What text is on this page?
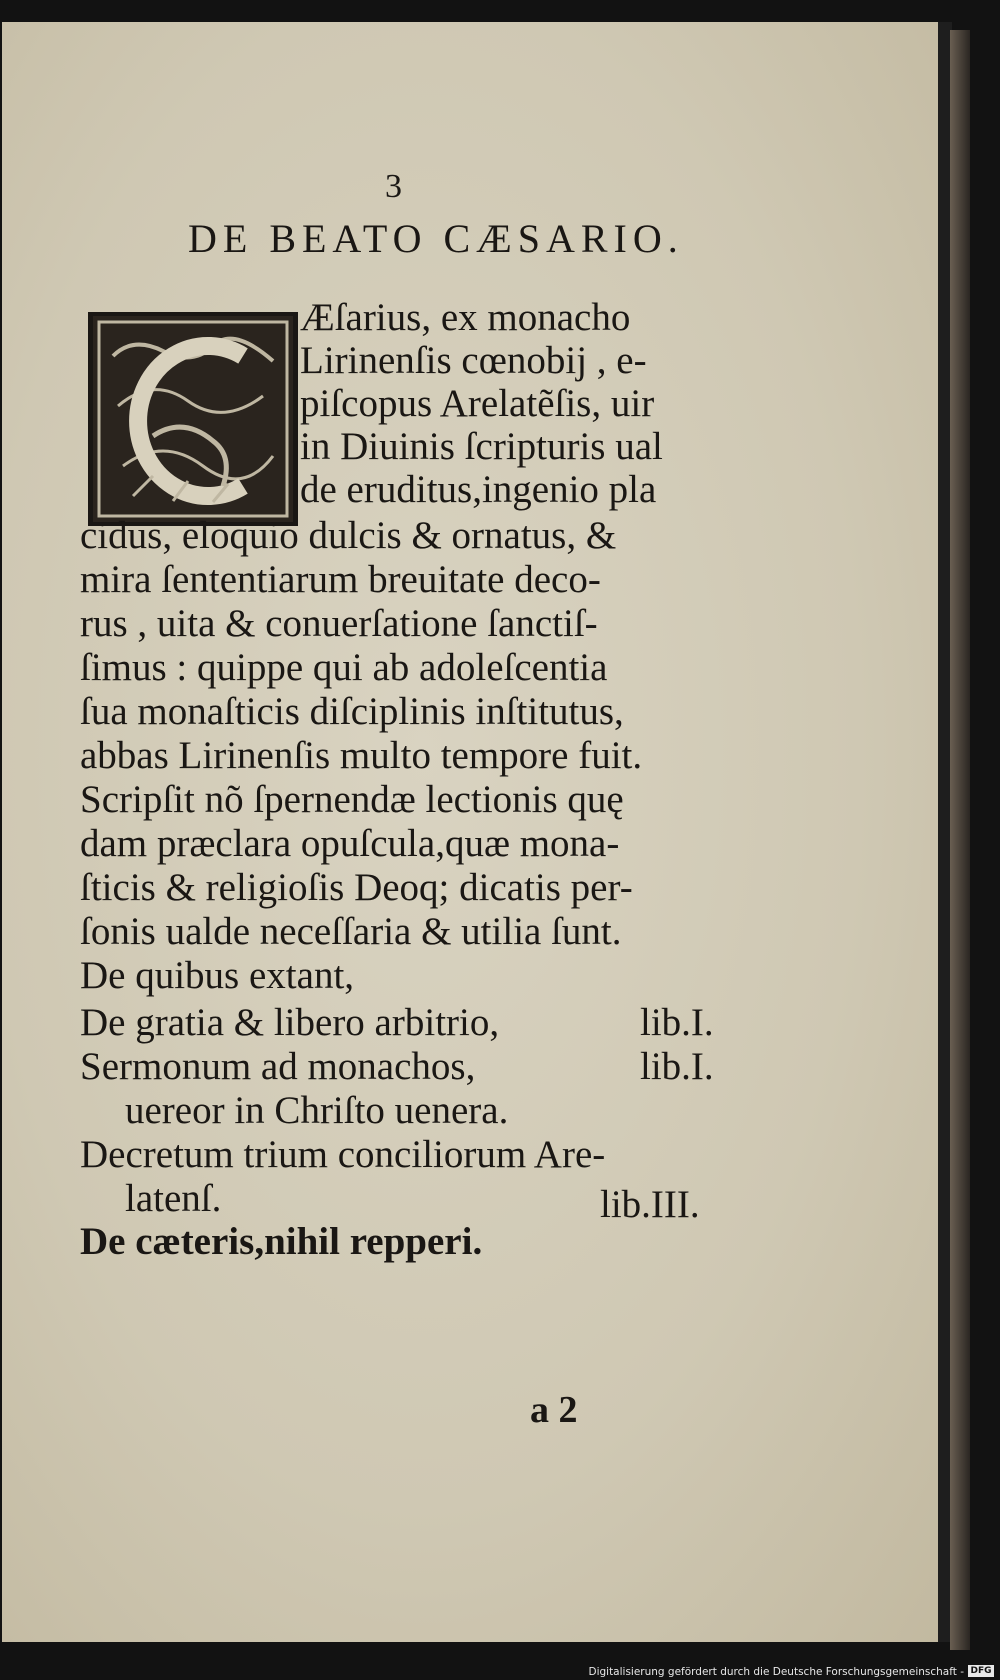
3
DE BEATO CÆSARIO.
Æſarius, ex monacho
Lirinenſis cœnobij , e-
piſcopus Arelatẽſis, uir
in Diuinis ſcripturis ual
de eruditus,ingenio pla
cidus, eloquio dulcis & ornatus, &
mira ſententiarum breuitate deco-
rus , uita & conuerſatione ſanctiſ-
ſimus : quippe qui ab adoleſcentia
ſua monaſticis diſciplinis inſtitutus,
abbas Lirinenſis multo tempore fuit.
Scripſit nõ ſpernendæ lectionis quę
dam præclara opuſcula,quæ mona-
ſticis & religioſis Deoq; dicatis per-
ſonis ualde neceſſaria & utilia ſunt.
De quibus extant,
De gratia & libero arbitrio,	lib.I.
Sermonum ad monachos,	lib.I.
uereor in Chriſto uenera.
Decretum trium conciliorum Are-
latenſ.	lib.III.
De cæteris,nihil repperi.
a 2
Digitalisierung gefördert durch die Deutsche Forschungsgemeinschaft - DFG
